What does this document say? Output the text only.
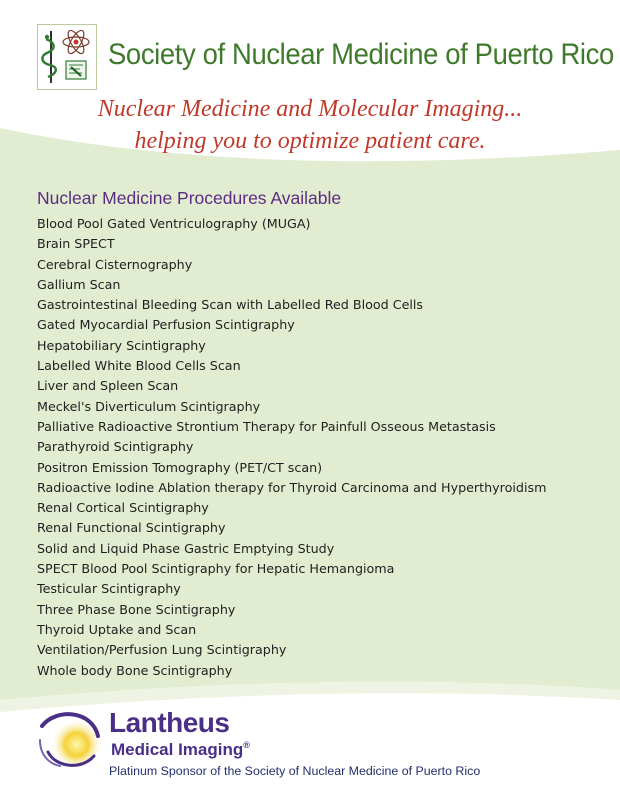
Society of Nuclear Medicine of Puerto Rico
Nuclear Medicine and Molecular Imaging...
helping you to optimize patient care.
Nuclear Medicine Procedures Available
Blood Pool Gated Ventriculography (MUGA)
Brain SPECT
Cerebral Cisternography
Gallium Scan
Gastrointestinal Bleeding Scan with Labelled Red Blood Cells
Gated Myocardial Perfusion Scintigraphy
Hepatobiliary Scintigraphy
Labelled White Blood Cells Scan
Liver and Spleen Scan
Meckel's Diverticulum Scintigraphy
Palliative Radioactive Strontium Therapy for Painfull Osseous Metastasis
Parathyroid Scintigraphy
Positron Emission Tomography (PET/CT scan)
Radioactive Iodine Ablation therapy for Thyroid Carcinoma and Hyperthyroidism
Renal Cortical Scintigraphy
Renal Functional Scintigraphy
Solid and Liquid Phase Gastric Emptying Study
SPECT Blood Pool Scintigraphy for Hepatic Hemangioma
Testicular Scintigraphy
Three Phase Bone Scintigraphy
Thyroid Uptake and Scan
Ventilation/Perfusion Lung Scintigraphy
Whole body Bone Scintigraphy
Lantheus
Medical Imaging®
Platinum Sponsor of the Society of Nuclear Medicine of Puerto Rico
